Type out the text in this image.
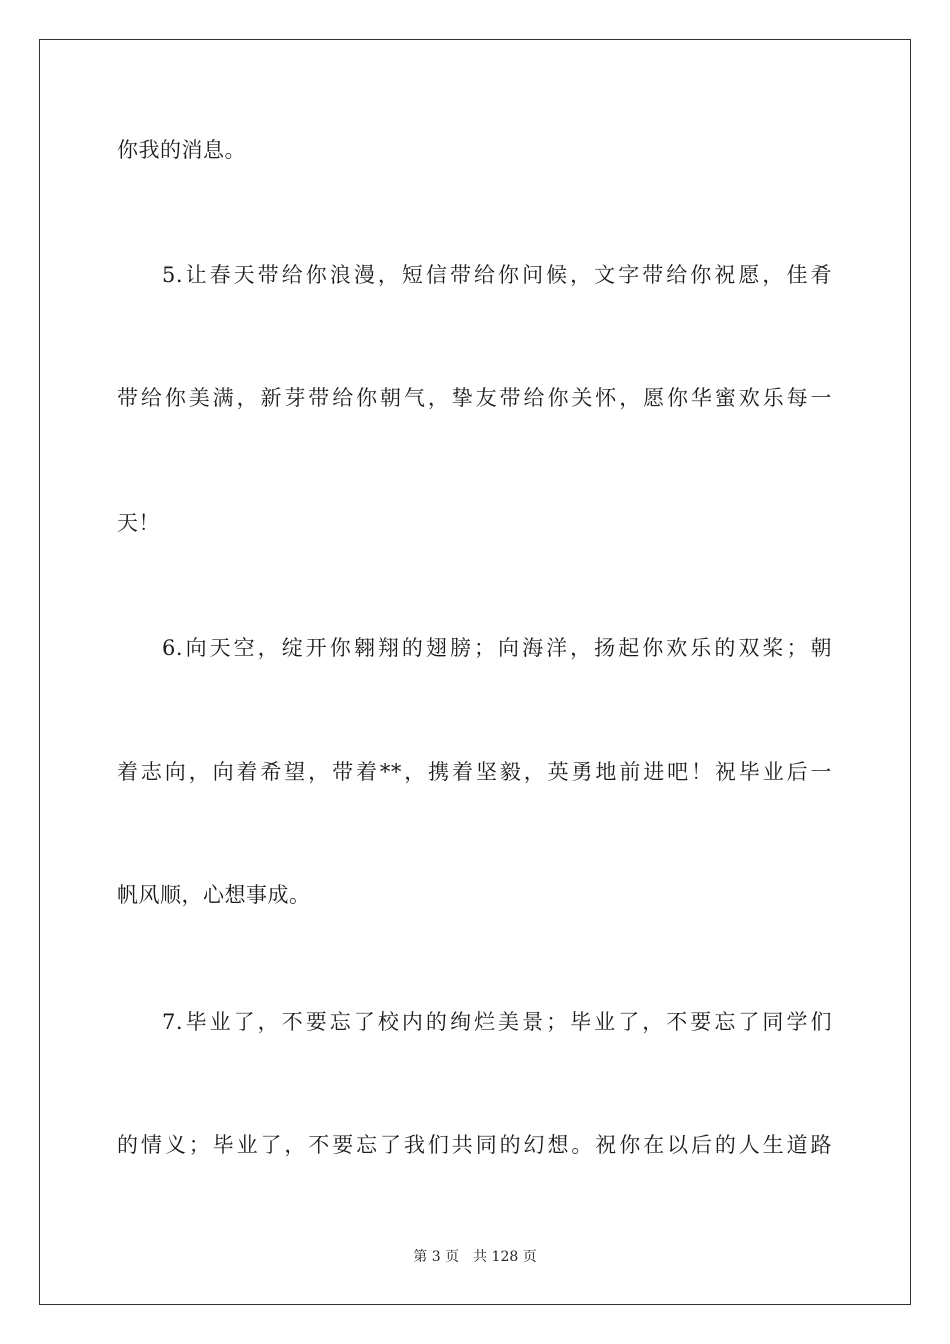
你我的消息。
5.让春天带给你浪漫，短信带给你问候，文字带给你祝愿，佳肴
带给你美满，新芽带给你朝气，挚友带给你关怀，愿你华蜜欢乐每一
天！
6.向天空，绽开你翱翔的翅膀；向海洋，扬起你欢乐的双桨；朝
着志向，向着希望，带着**，携着坚毅，英勇地前进吧！祝毕业后一
帆风顺，心想事成。
7.毕业了，不要忘了校内的绚烂美景；毕业了，不要忘了同学们
的情义；毕业了，不要忘了我们共同的幻想。祝你在以后的人生道路
第 3 页 共 128 页
